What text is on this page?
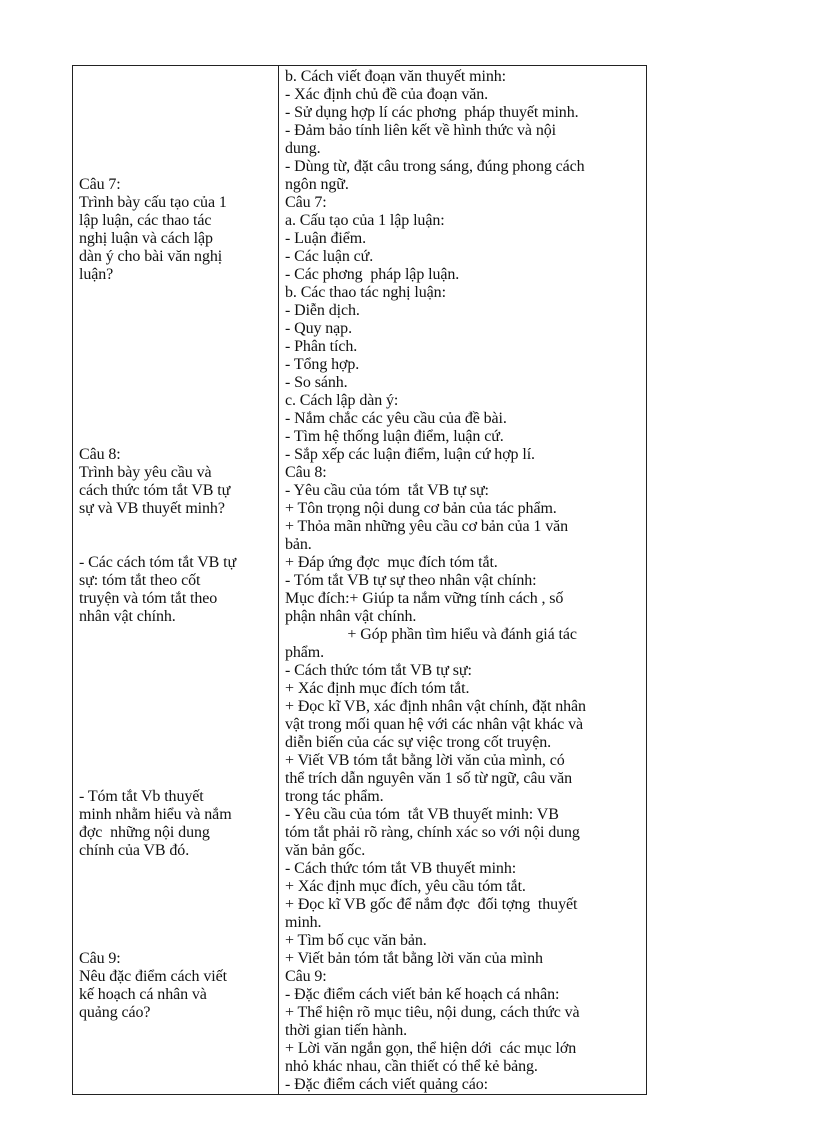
Câu 7:
Trình bày cấu tạo của 1
lập luận, các thao tác
nghị luận và cách lập
dàn ý cho bài văn nghị
luận?
Câu 8:
Trình bày yêu cầu và
cách thức tóm tắt VB tự
sự và VB thuyết minh?
- Các cách tóm tắt VB tự
sự: tóm tắt theo cốt
truyện và tóm tắt theo
nhân vật chính.
- Tóm tắt Vb thuyết
minh nhằm hiểu và nắm
đợc  những nội dung
chính của VB đó.
Câu 9:
Nêu đặc điểm cách viết
kế hoạch cá nhân và
quảng cáo?
b. Cách viết đoạn văn thuyết minh:
- Xác định chủ đề của đoạn văn.
- Sử dụng hợp lí các phơng  pháp thuyết minh.
- Đảm bảo tính liên kết về hình thức và nội
dung.
- Dùng từ, đặt câu trong sáng, đúng phong cách
ngôn ngữ.
Câu 7:
a. Cấu tạo của 1 lập luận:
- Luận điểm.
- Các luận cứ.
- Các phơng  pháp lập luận.
b. Các thao tác nghị luận:
- Diễn dịch.
- Quy nạp.
- Phân tích.
- Tổng hợp.
- So sánh.
c. Cách lập dàn ý:
- Nắm chắc các yêu cầu của đề bài.
- Tìm hệ thống luận điểm, luận cứ.
- Sắp xếp các luận điểm, luận cứ hợp lí.
Câu 8:
- Yêu cầu của tóm  tắt VB tự sự:
+ Tôn trọng nội dung cơ bản của tác phẩm.
+ Thỏa mãn những yêu cầu cơ bản của 1 văn
bản.
+ Đáp ứng đợc  mục đích tóm tắt.
- Tóm tắt VB tự sự theo nhân vật chính:
Mục đích:+ Giúp ta nắm vững tính cách , số
phận nhân vật chính.
+ Góp phần tìm hiểu và đánh giá tác
phẩm.
- Cách thức tóm tắt VB tự sự:
+ Xác định mục đích tóm tắt.
+ Đọc kĩ VB, xác định nhân vật chính, đặt nhân
vật trong mối quan hệ với các nhân vật khác và
diễn biến của các sự việc trong cốt truyện.
+ Viết VB tóm tắt bằng lời văn của mình, có
thể trích dẫn nguyên văn 1 số từ ngữ, câu văn
trong tác phẩm.
- Yêu cầu của tóm  tắt VB thuyết minh: VB
tóm tắt phải rõ ràng, chính xác so với nội dung
văn bản gốc.
- Cách thức tóm tắt VB thuyết minh:
+ Xác định mục đích, yêu cầu tóm tắt.
+ Đọc kĩ VB gốc để nắm đợc  đối tợng  thuyết
minh.
+ Tìm bố cục văn bản.
+ Viết bản tóm tắt bằng lời văn của mình
Câu 9:
- Đặc điểm cách viết bản kế hoạch cá nhân:
+ Thể hiện rõ mục tiêu, nội dung, cách thức và
thời gian tiến hành.
+ Lời văn ngắn gọn, thể hiện dới  các mục lớn
nhỏ khác nhau, cần thiết có thể kẻ bảng.
- Đặc điểm cách viết quảng cáo:
